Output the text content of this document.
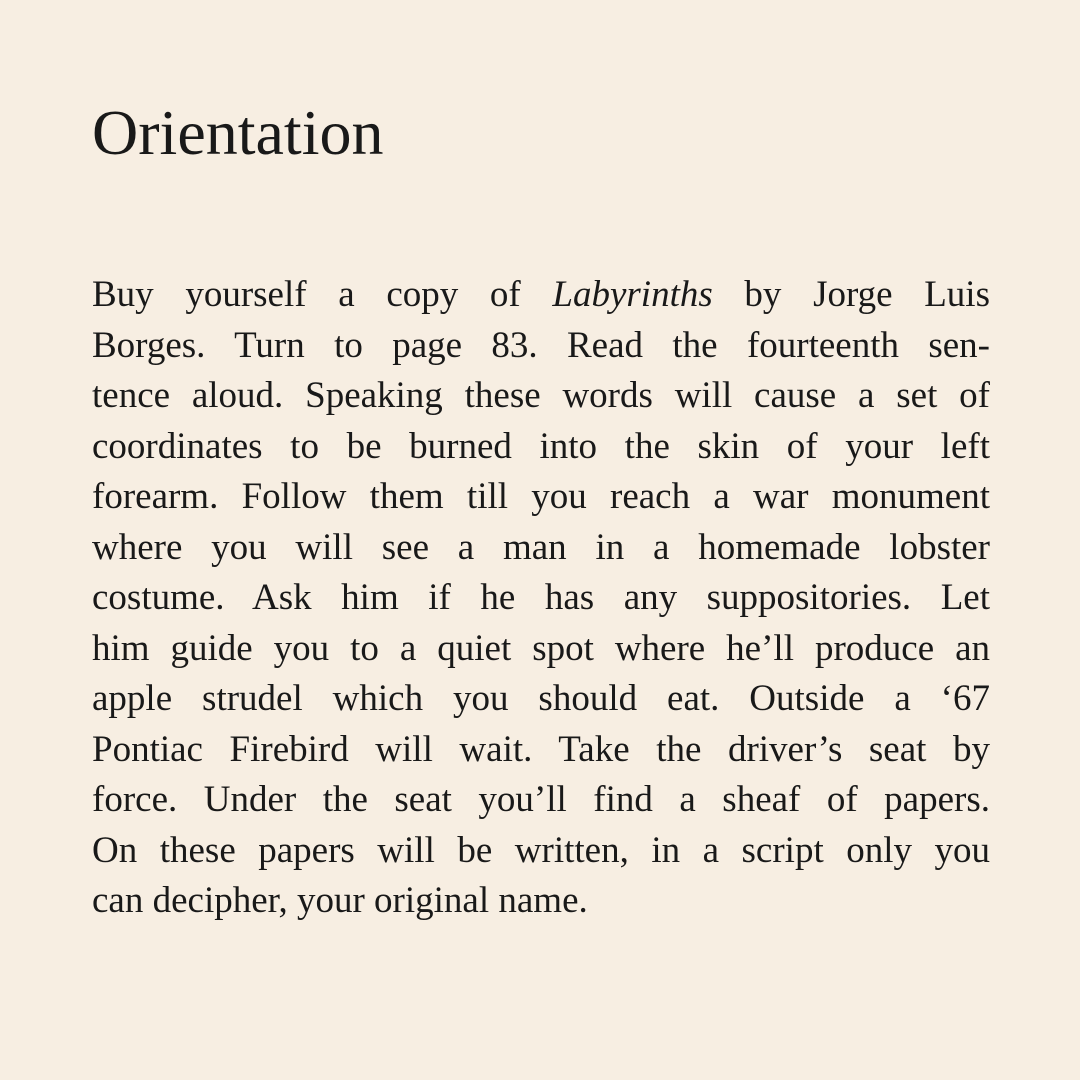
Orientation
Buy yourself a copy of Labyrinths by Jorge Luis
Borges. Turn to page 83. Read the fourteenth sen-
tence aloud. Speaking these words will cause a set of
coordinates to be burned into the skin of your left
forearm. Follow them till you reach a war monument
where you will see a man in a homemade lobster
costume. Ask him if he has any suppositories. Let
him guide you to a quiet spot where he’ll produce an
apple strudel which you should eat. Outside a ‘67
Pontiac Firebird will wait. Take the driver’s seat by
force. Under the seat you’ll find a sheaf of papers.
On these papers will be written, in a script only you
can decipher, your original name.
